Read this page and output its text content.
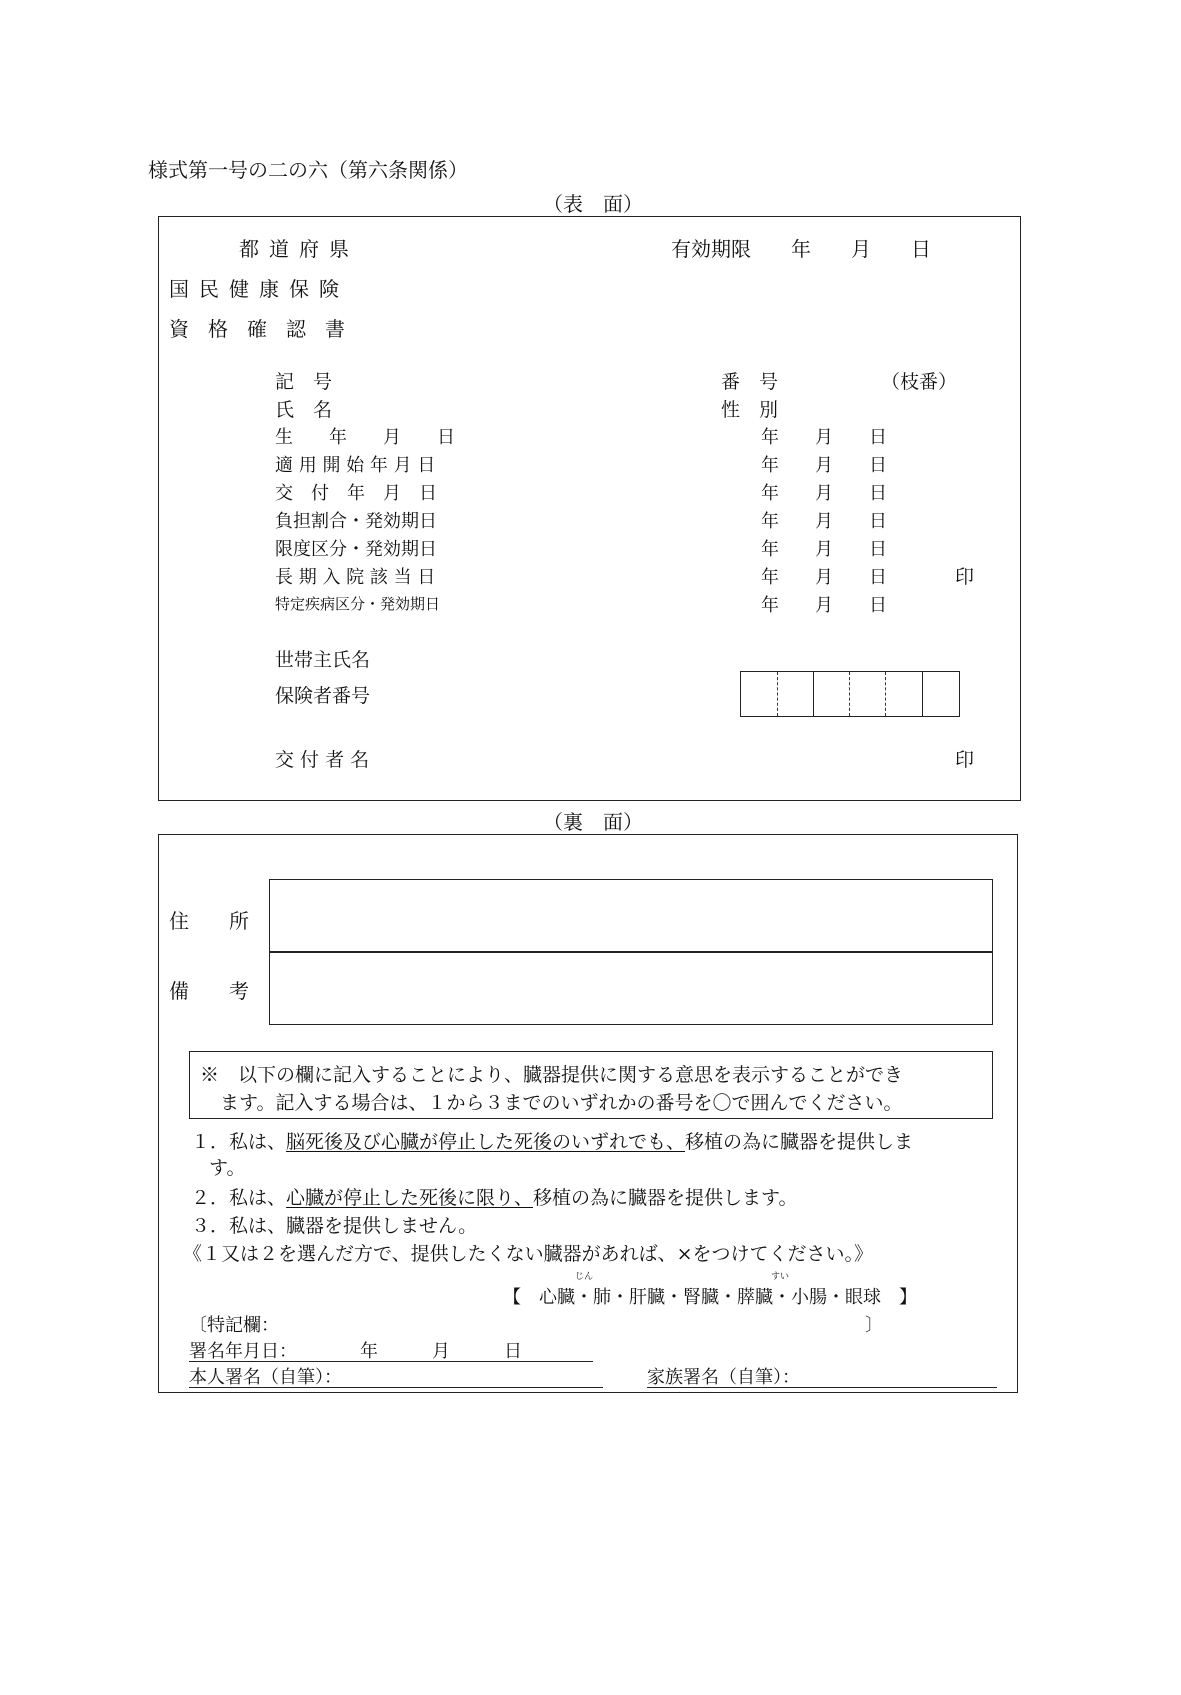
様式第一号の二の六（第六条関係）
（表　面）
都道府県
国民健康保険
資格確認書
有効期限　　年　　月　　日
記　号	番　号	（枝番）
氏　名	性　別
生　　年　　月　　日	年　　月　　日
適 用 開 始 年 月 日	年　　月　　日
交　付　年　月　日	年　　月　　日
負担割合・発効期日	年　　月　　日
限度区分・発効期日	年　　月　　日
長 期 入 院 該 当 日	年　　月　　日	印
特定疾病区分・発効期日	年　　月　　日
世帯主氏名
保険者番号
交 付 者 名	印
（裏　面）
住　　所
備　　考
※　以下の欄に記入することにより、臓器提供に関する意思を表示することができ
ます。記入する場合は、１から３までのいずれかの番号を〇で囲んでください。
１．私は、脳死後及び心臓が停止した死後のいずれでも、移植の為に臓器を提供しま
す。
２．私は、心臓が停止した死後に限り、移植の為に臓器を提供します。
３．私は、臓器を提供しません。
《１又は２を選んだ方で、提供したくない臓器があれば、×をつけてください。》
じん	すい
【　心臓・肺・肝臓・腎臓・膵臓・小腸・眼球　】
〔特記欄：	〕
署名年月日：　　　　年　　　月　　　日
本人署名（自筆）：	家族署名（自筆）：
